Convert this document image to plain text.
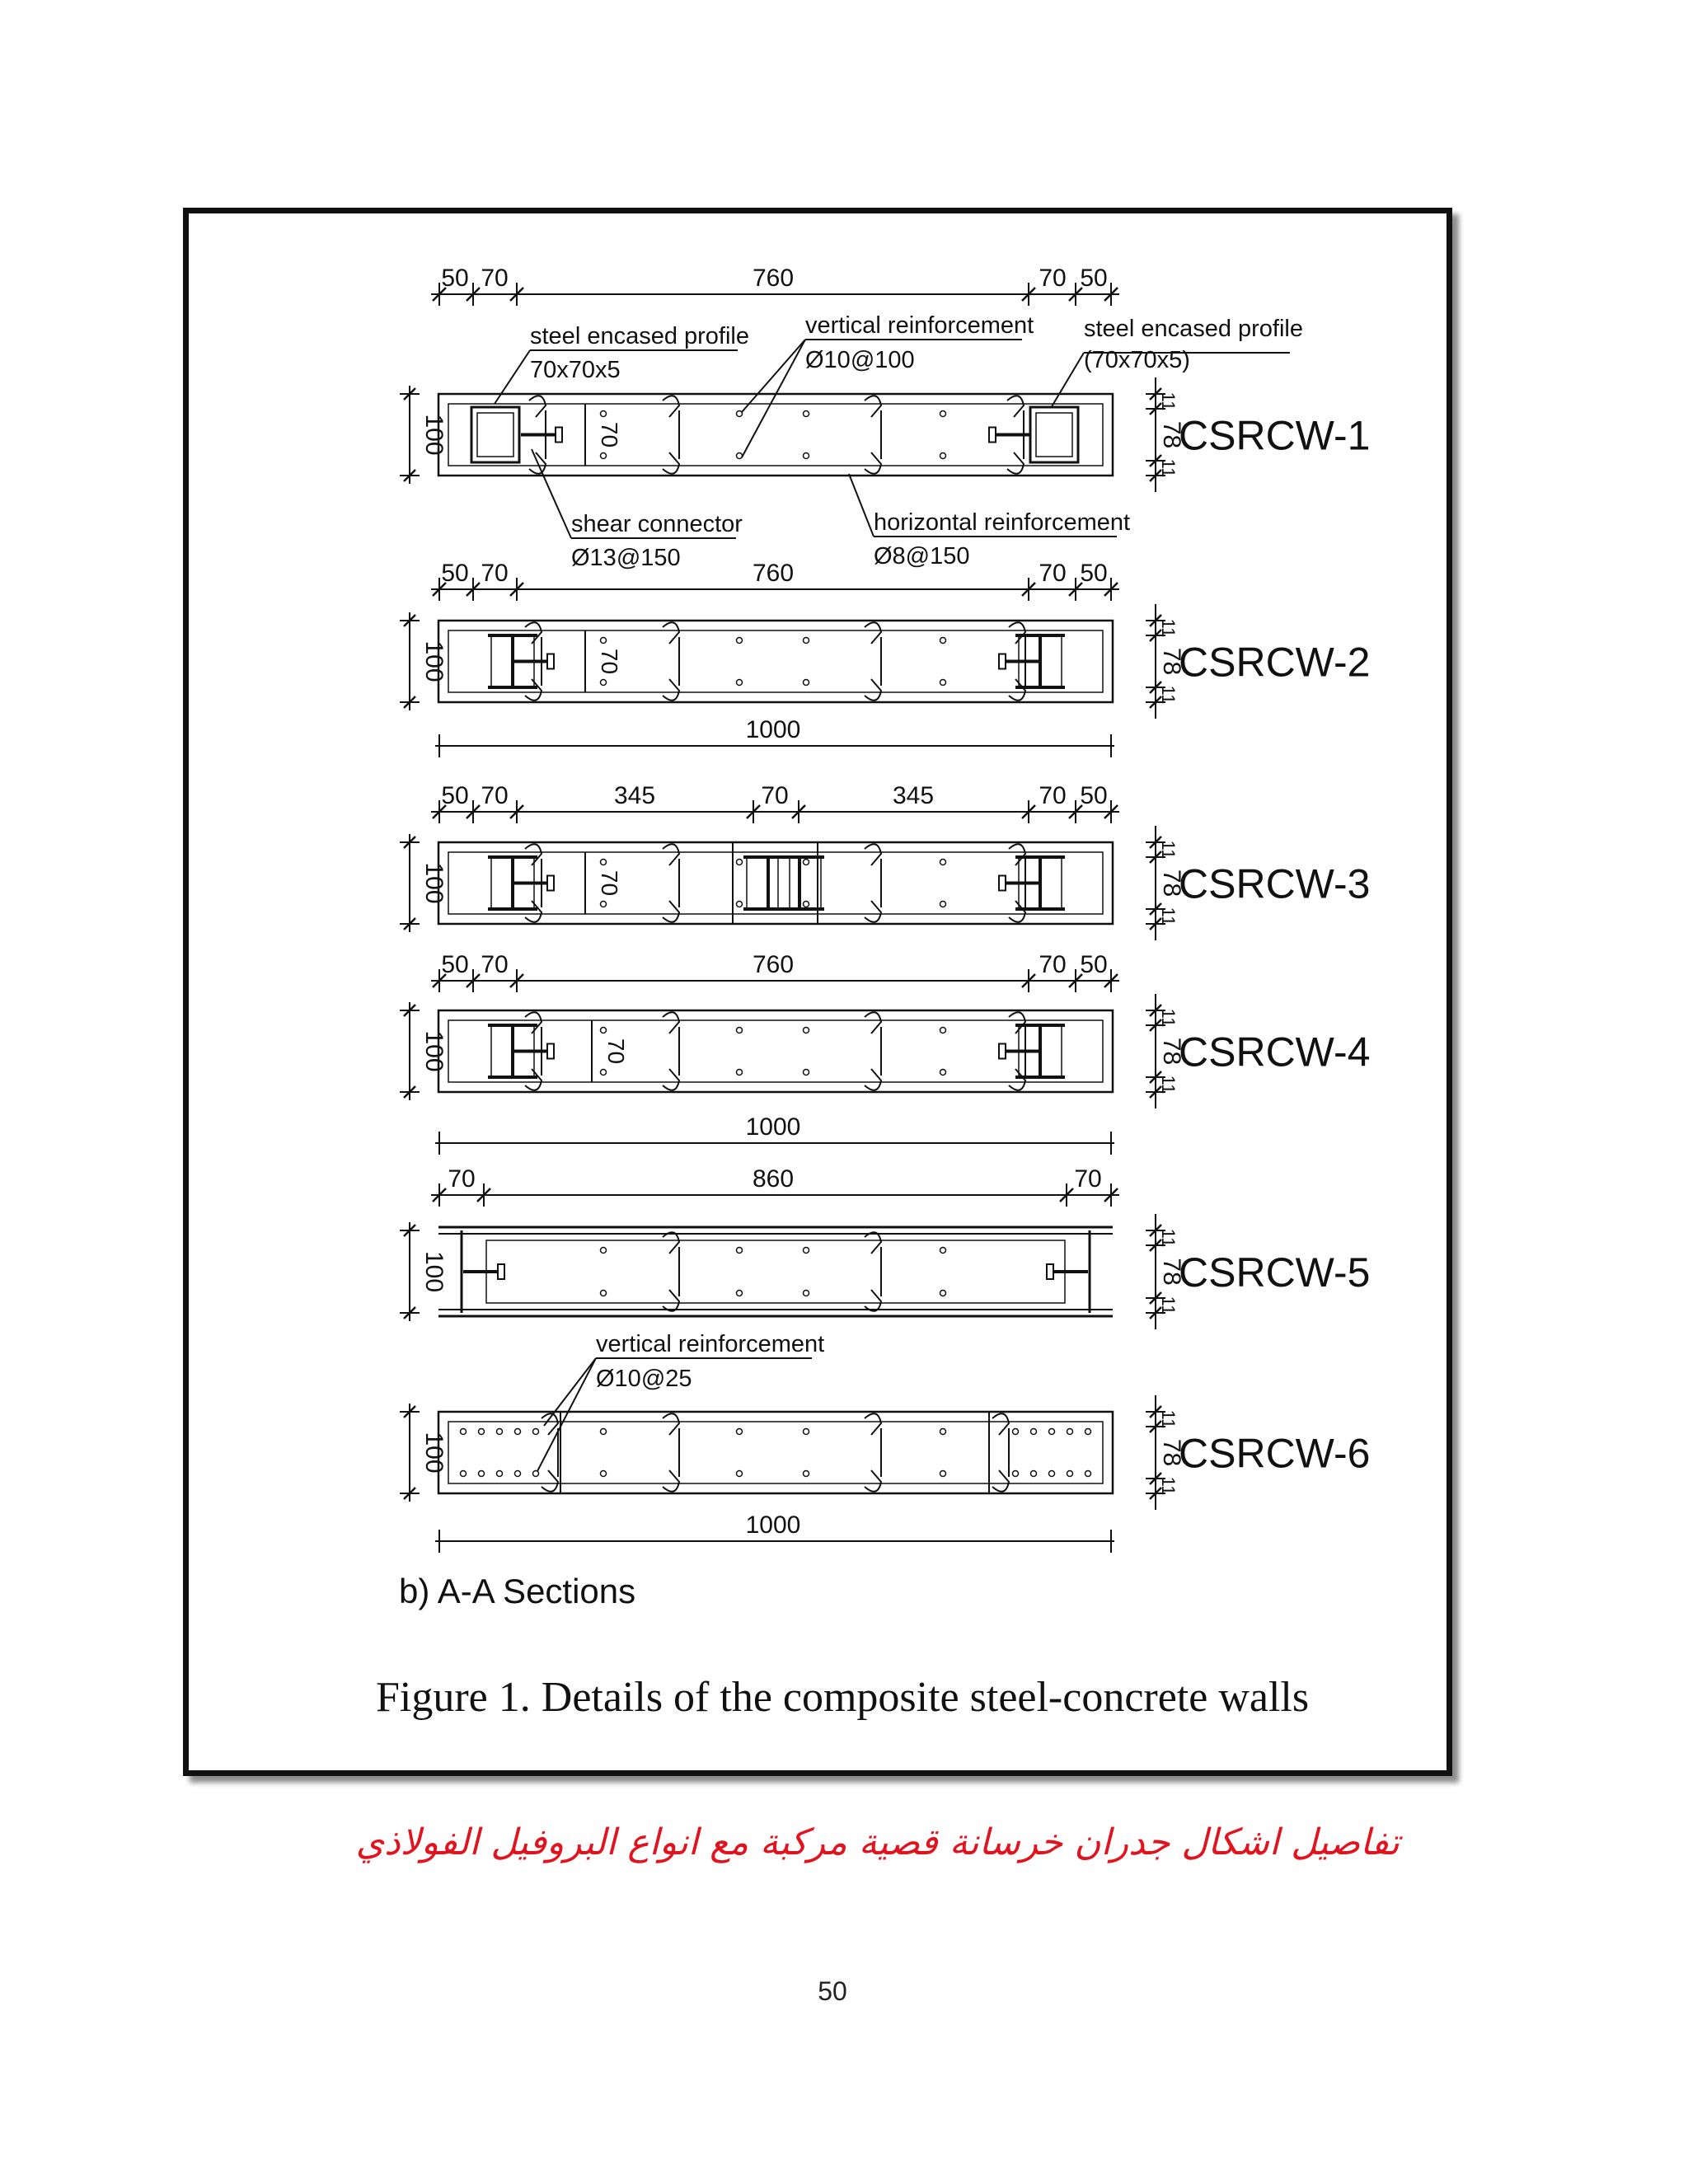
50 70	760	70 50
50 70	760	70 50
50 70	345	70	345	70 50
50 70	760	70 50
70	860	70
1000
1000
1000
70
100
11
78
11
CSRCW-1
70
100
11
78
11
CSRCW-2
70
100
11
78
11
CSRCW-3
70
100
11
78
11
CSRCW-4
100
11
78
11
CSRCW-5
100
11
78
11
CSRCW-6
steel encased profile
70x70x5
vertical reinforcement
Ø10@100
steel encased profile
(70x70x5)
shear connector
Ø13@150
horizontal reinforcement
Ø8@150
vertical reinforcement
Ø10@25
b) A-A Sections
Figure 1. Details of the composite steel-concrete walls
تفاصيل اشكال جدران خرسانة قصية مركبة مع انواع البروفيل الفولاذي
50
